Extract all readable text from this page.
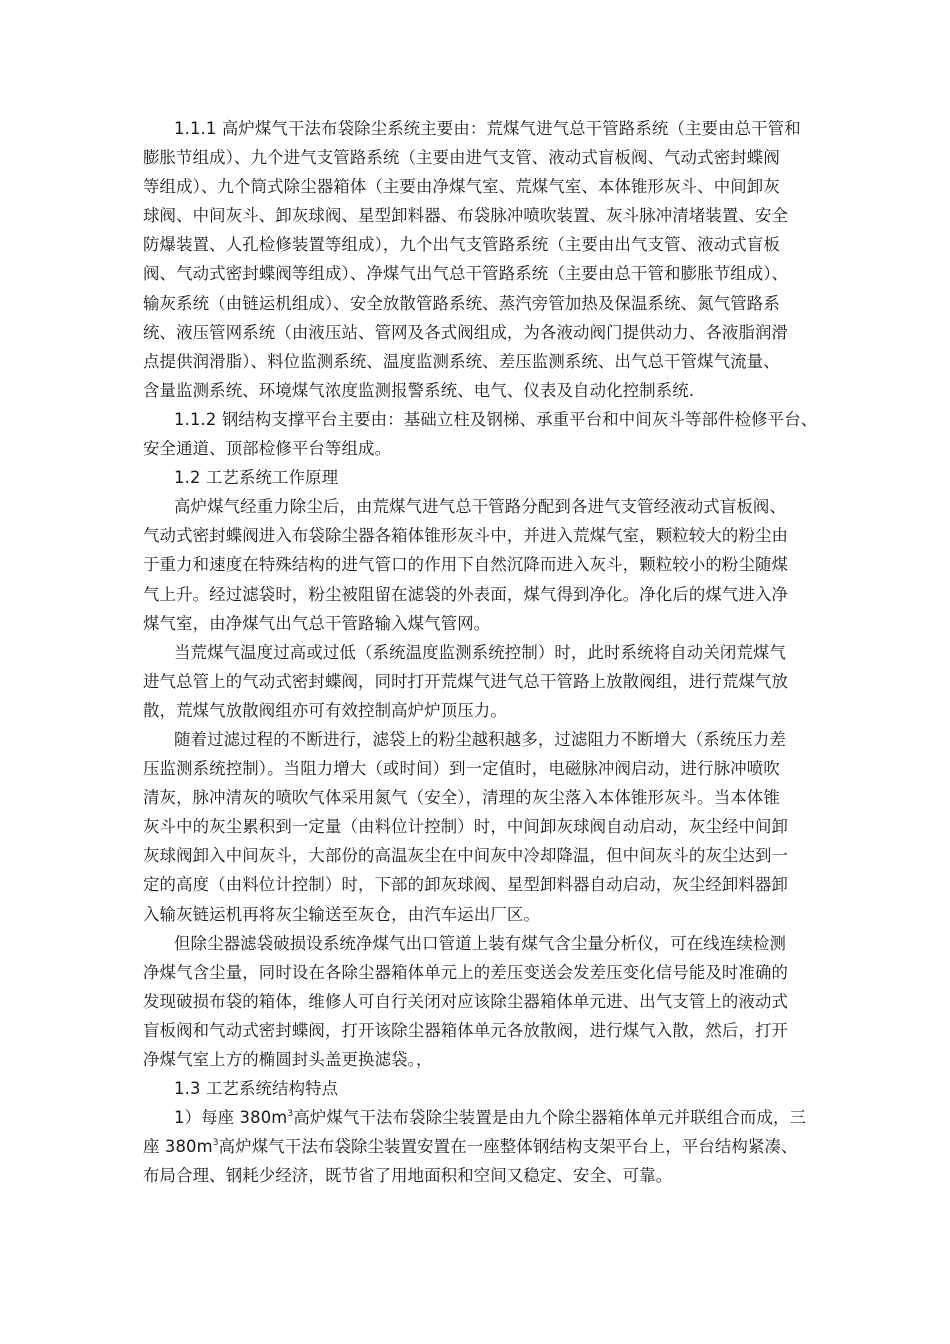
1.1.1 高炉煤气干法布袋除尘系统主要由：荒煤气进气总干管路系统（主要由总干管和
膨胀节组成）、九个进气支管路系统（主要由进气支管、液动式盲板阀、气动式密封蝶阀
等组成）、九个筒式除尘器箱体（主要由净煤气室、荒煤气室、本体锥形灰斗、中间卸灰
球阀、中间灰斗、卸灰球阀、星型卸料器、布袋脉冲喷吹装置、灰斗脉冲清堵装置、安全
防爆装置、人孔检修装置等组成），九个出气支管路系统（主要由出气支管、液动式盲板
阀、气动式密封蝶阀等组成）、净煤气出气总干管路系统（主要由总干管和膨胀节组成）、
输灰系统（由链运机组成）、安全放散管路系统、蒸汽旁管加热及保温系统、氮气管路系
统、液压管网系统（由液压站、管网及各式阀组成，为各液动阀门提供动力、各液脂润滑
点提供润滑脂）、料位监测系统、温度监测系统、差压监测系统、出气总干管煤气流量、
含量监测系统、环境煤气浓度监测报警系统、电气、仪表及自动化控制系统.
1.1.2 钢结构支撑平台主要由：基础立柱及钢梯、承重平台和中间灰斗等部件检修平台、
安全通道、顶部检修平台等组成。
1.2 工艺系统工作原理
高炉煤气经重力除尘后，由荒煤气进气总干管路分配到各进气支管经液动式盲板阀、
气动式密封蝶阀进入布袋除尘器各箱体锥形灰斗中，并进入荒煤气室，颗粒较大的粉尘由
于重力和速度在特殊结构的进气管口的作用下自然沉降而进入灰斗，颗粒较小的粉尘随煤
气上升。经过滤袋时，粉尘被阻留在滤袋的外表面，煤气得到净化。净化后的煤气进入净
煤气室，由净煤气出气总干管路输入煤气管网。
当荒煤气温度过高或过低（系统温度监测系统控制）时，此时系统将自动关闭荒煤气
进气总管上的气动式密封蝶阀，同时打开荒煤气进气总干管路上放散阀组，进行荒煤气放
散，荒煤气放散阀组亦可有效控制高炉炉顶压力。
随着过滤过程的不断进行，滤袋上的粉尘越积越多，过滤阻力不断增大（系统压力差
压监测系统控制）。当阻力增大（或时间）到一定值时，电磁脉冲阀启动，进行脉冲喷吹
清灰，脉冲清灰的喷吹气体采用氮气（安全），清理的灰尘落入本体锥形灰斗。当本体锥
灰斗中的灰尘累积到一定量（由料位计控制）时，中间卸灰球阀自动启动，灰尘经中间卸
灰球阀卸入中间灰斗，大部份的高温灰尘在中间灰中冷却降温，但中间灰斗的灰尘达到一
定的高度（由料位计控制）时，下部的卸灰球阀、星型卸料器自动启动，灰尘经卸料器卸
入输灰链运机再将灰尘输送至灰仓，由汽车运出厂区。
但除尘器滤袋破损设系统净煤气出口管道上装有煤气含尘量分析仪，可在线连续检测
净煤气含尘量，同时设在各除尘器箱体单元上的差压变送会发差压变化信号能及时准确的
发现破损布袋的箱体，维修人可自行关闭对应该除尘器箱体单元进、出气支管上的液动式
盲板阀和气动式密封蝶阀，打开该除尘器箱体单元各放散阀，进行煤气入散，然后，打开
净煤气室上方的椭圆封头盖更换滤袋。，
1.3 工艺系统结构特点
1）每座 $380m^3$高炉煤气干法布袋除尘装置是由九个除尘器箱体单元并联组合而成，三
座 $380m^3$高炉煤气干法布袋除尘装置安置在一座整体钢结构支架平台上，平台结构紧凑、
布局合理、钢耗少经济，既节省了用地面积和空间又稳定、安全、可靠。
